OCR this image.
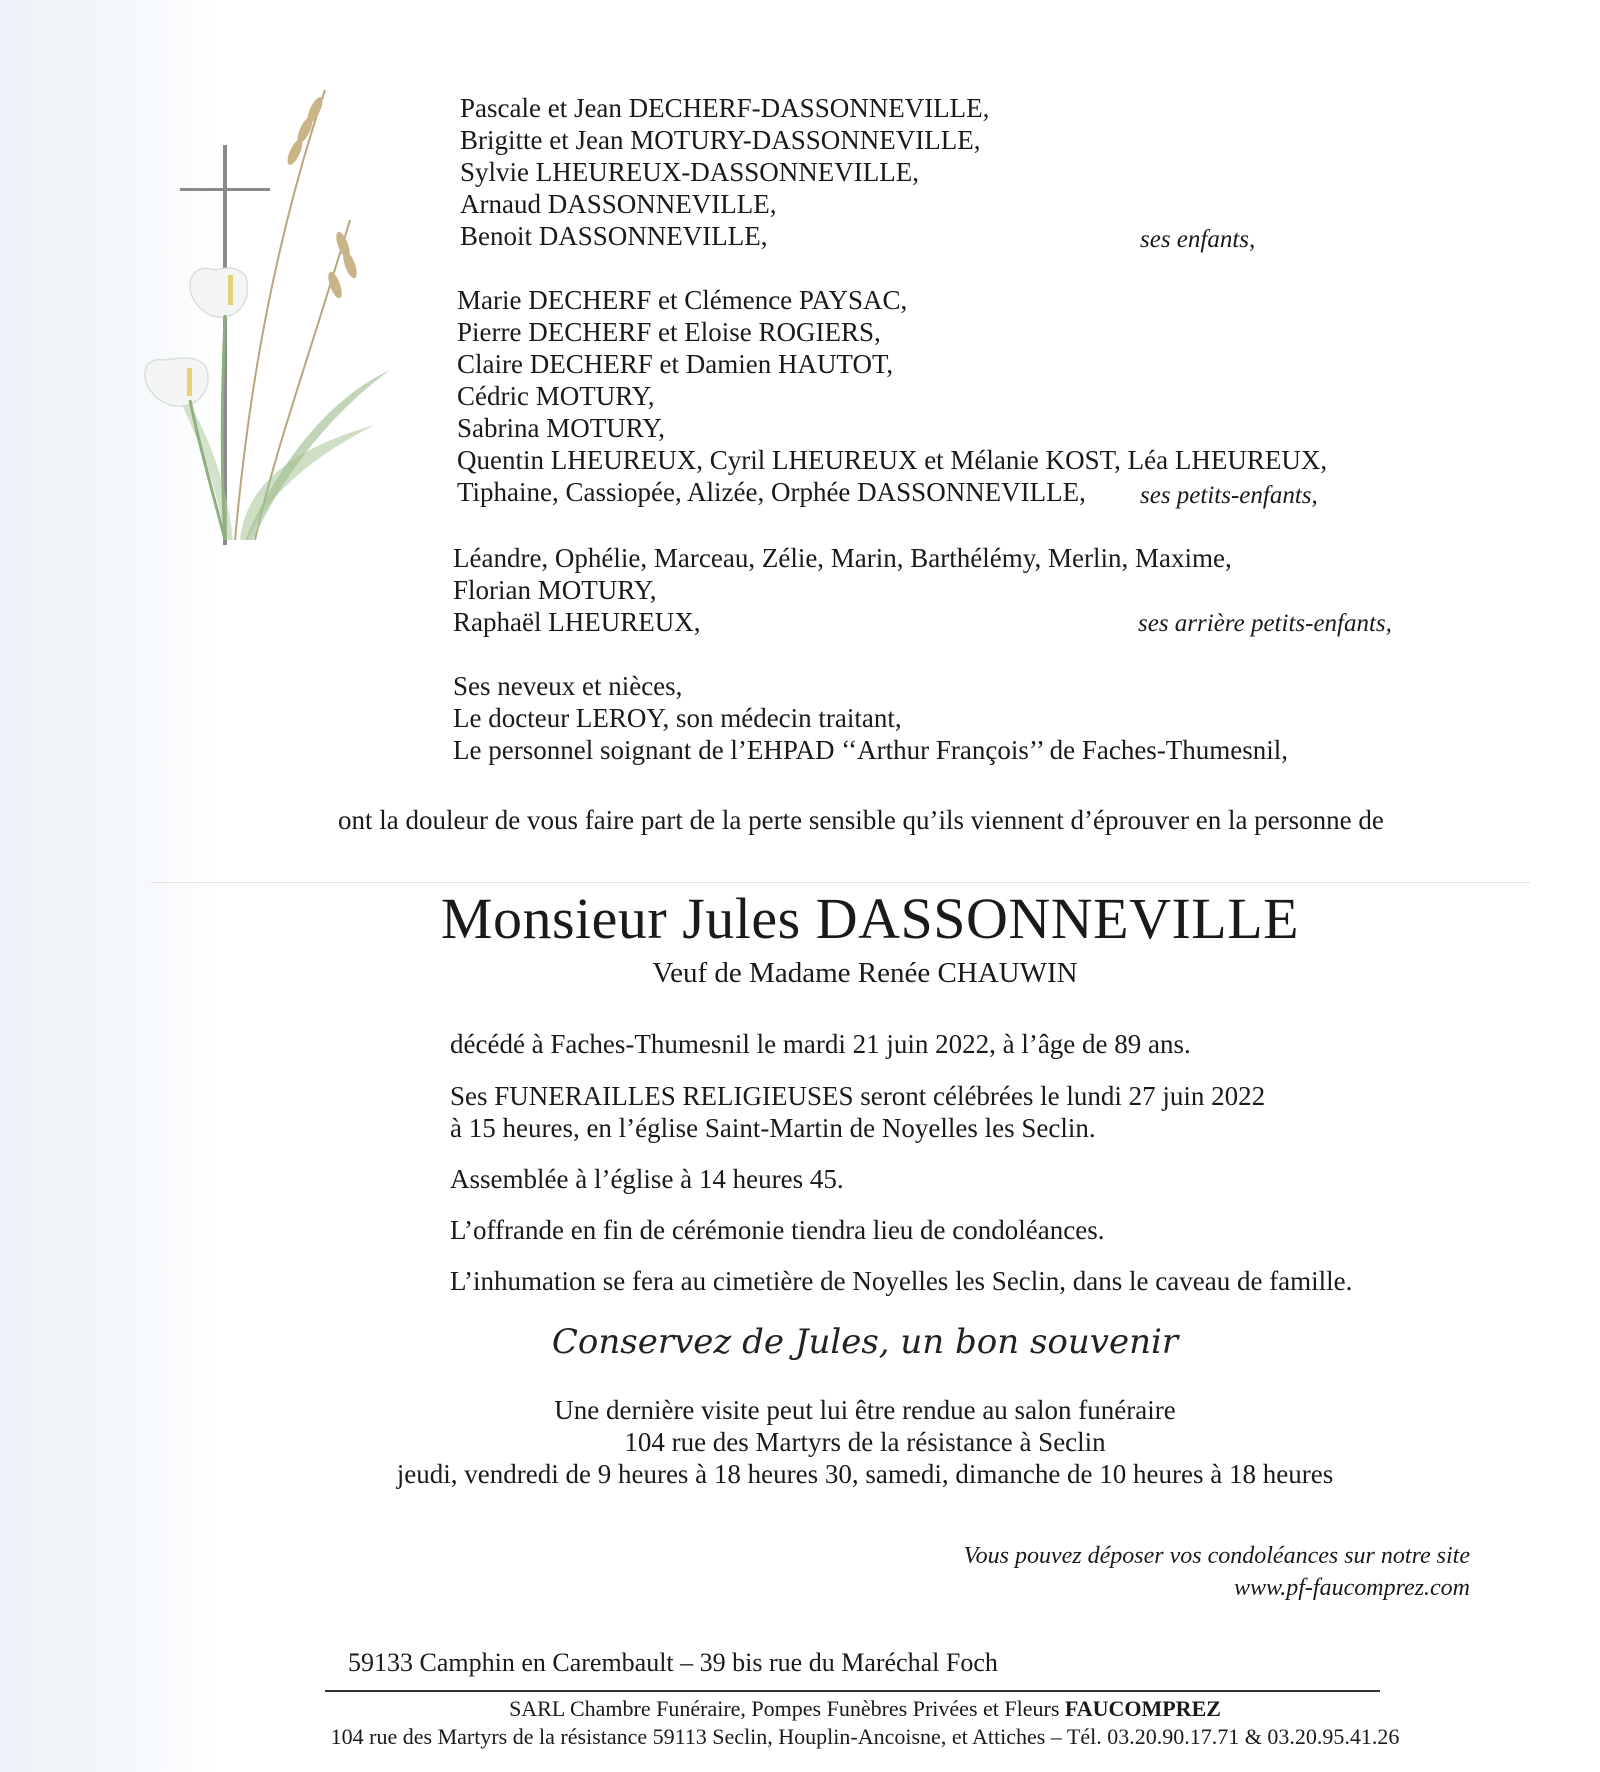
Pascale et Jean DECHERF-DASSONNEVILLE,
Brigitte et Jean MOTURY-DASSONNEVILLE,
Sylvie LHEUREUX-DASSONNEVILLE,
Arnaud DASSONNEVILLE,
Benoit DASSONNEVILLE,	ses enfants,
Marie DECHERF et Clémence PAYSAC,
Pierre DECHERF et Eloise ROGIERS,
Claire DECHERF et Damien HAUTOT,
Cédric MOTURY,
Sabrina MOTURY,
Quentin LHEUREUX, Cyril LHEUREUX et Mélanie KOST, Léa LHEUREUX,
Tiphaine, Cassiopée, Alizée, Orphée DASSONNEVILLE,	ses petits-enfants,
Léandre, Ophélie, Marceau, Zélie, Marin, Barthélémy, Merlin, Maxime,
Florian MOTURY,
Raphaël LHEUREUX,	ses arrière petits-enfants,
Ses neveux et nièces,
Le docteur LEROY, son médecin traitant,
Le personnel soignant de l’EHPAD ‘‘Arthur François’’ de Faches-Thumesnil,
ont la douleur de vous faire part de la perte sensible qu’ils viennent d’éprouver en la personne de
Monsieur Jules DASSONNEVILLE
Veuf de Madame Renée CHAUWIN
décédé à Faches-Thumesnil le mardi 21 juin 2022, à l’âge de 89 ans.
Ses FUNERAILLES RELIGIEUSES seront célébrées le lundi 27 juin 2022
à 15 heures, en l’église Saint-Martin de Noyelles les Seclin.
Assemblée à l’église à 14 heures 45.
L’offrande en fin de cérémonie tiendra lieu de condoléances.
L’inhumation se fera au cimetière de Noyelles les Seclin, dans le caveau de famille.
Conservez de Jules, un bon souvenir
Une dernière visite peut lui être rendue au salon funéraire
104 rue des Martyrs de la résistance à Seclin
jeudi, vendredi de 9 heures à 18 heures 30, samedi, dimanche de 10 heures à 18 heures
Vous pouvez déposer vos condoléances sur notre site
www.pf-faucomprez.com
59133 Camphin en Carembault – 39 bis rue du Maréchal Foch
SARL Chambre Funéraire, Pompes Funèbres Privées et Fleurs FAUCOMPREZ
104 rue des Martyrs de la résistance 59113 Seclin, Houplin-Ancoisne, et Attiches – Tél. 03.20.90.17.71 & 03.20.95.41.26
